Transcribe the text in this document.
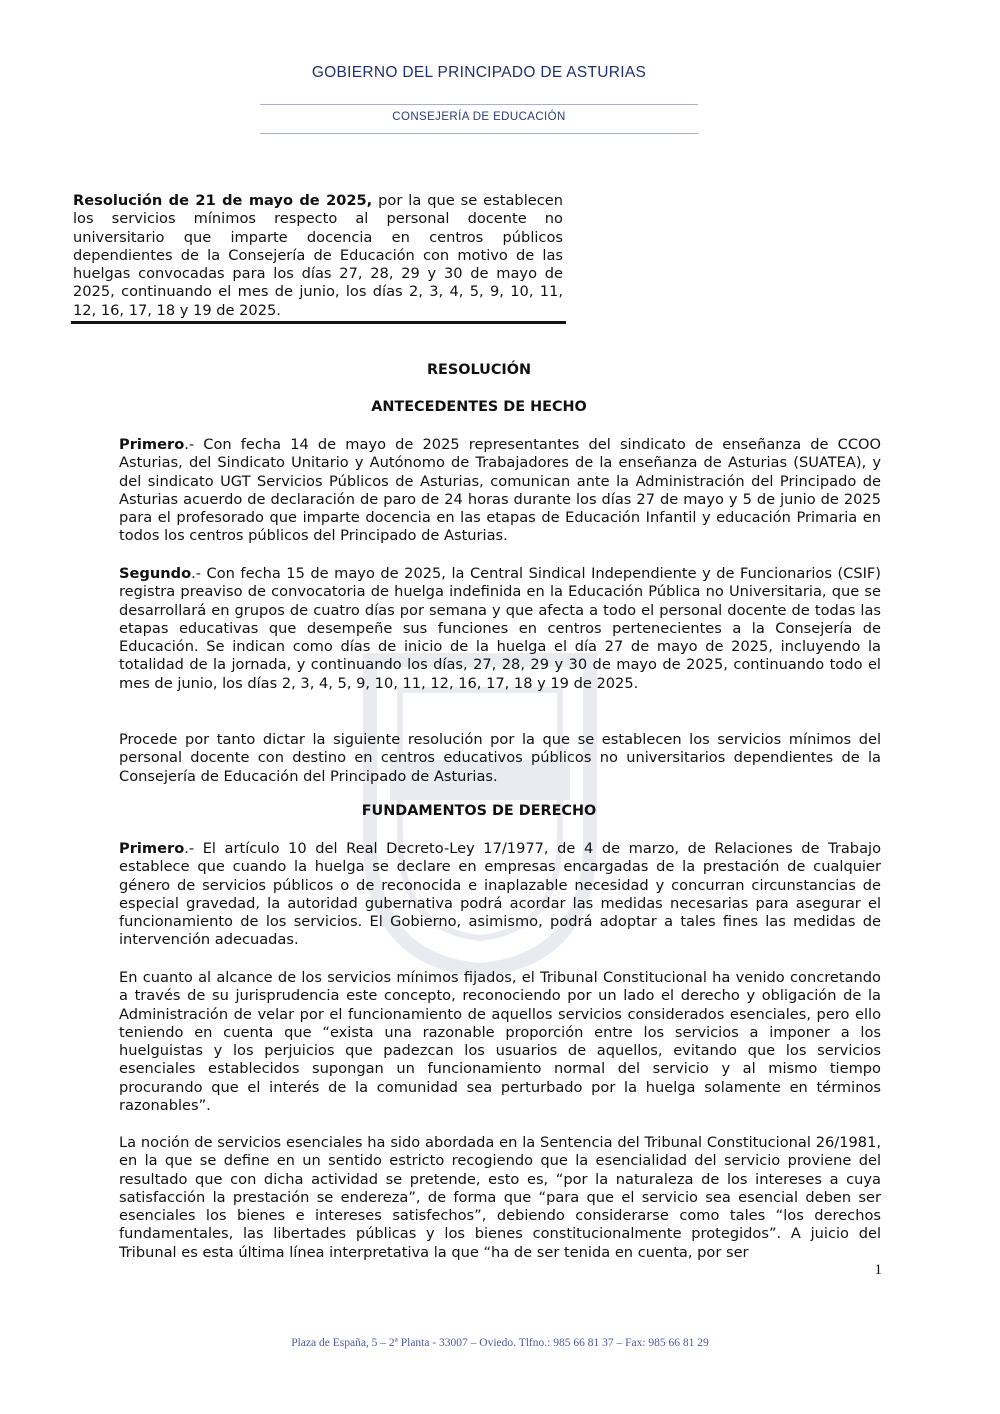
GOBIERNO DEL PRINCIPADO DE ASTURIAS
CONSEJERÍA DE EDUCACIÓN
Resolución de 21 de mayo de 2025, por la que se establecen los servicios mínimos respecto al personal docente no universitario que imparte docencia en centros públicos dependientes de la Consejería de Educación con motivo de las huelgas convocadas para los días 27, 28, 29 y 30 de mayo de 2025, continuando el mes de junio, los días 2, 3, 4, 5, 9, 10, 11, 12, 16, 17, 18 y 19 de 2025.
RESOLUCIÓN
ANTECEDENTES DE HECHO
Primero.- Con fecha 14 de mayo de 2025 representantes del sindicato de enseñanza de CCOO Asturias, del Sindicato Unitario y Autónomo de Trabajadores de la enseñanza de Asturias (SUATEA), y del sindicato UGT Servicios Públicos de Asturias, comunican ante la Administración del Principado de Asturias acuerdo de declaración de paro de 24 horas durante los días 27 de mayo y 5 de junio de 2025 para el profesorado que imparte docencia en las etapas de Educación Infantil y educación Primaria en todos los centros públicos del Principado de Asturias.
Segundo.- Con fecha 15 de mayo de 2025, la Central Sindical Independiente y de Funcionarios (CSIF) registra preaviso de convocatoria de huelga indefinida en la Educación Pública no Universitaria, que se desarrollará en grupos de cuatro días por semana y que afecta a todo el personal docente de todas las etapas educativas que desempeñe sus funciones en centros pertenecientes a la Consejería de Educación. Se indican como días de inicio de la huelga el día 27 de mayo de 2025, incluyendo la totalidad de la jornada, y continuando los días, 27, 28, 29 y 30 de mayo de 2025, continuando todo el mes de junio, los días 2, 3, 4, 5, 9, 10, 11, 12, 16, 17, 18 y 19 de 2025.
Procede por tanto dictar la siguiente resolución por la que se establecen los servicios mínimos del personal docente con destino en centros educativos públicos no universitarios dependientes de la Consejería de Educación del Principado de Asturias.
FUNDAMENTOS DE DERECHO
Primero.- El artículo 10 del Real Decreto-Ley 17/1977, de 4 de marzo, de Relaciones de Trabajo establece que cuando la huelga se declare en empresas encargadas de la prestación de cualquier género de servicios públicos o de reconocida e inaplazable necesidad y concurran circunstancias de especial gravedad, la autoridad gubernativa podrá acordar las medidas necesarias para asegurar el funcionamiento de los servicios. El Gobierno, asimismo, podrá adoptar a tales fines las medidas de intervención adecuadas.
En cuanto al alcance de los servicios mínimos fijados, el Tribunal Constitucional ha venido concretando a través de su jurisprudencia este concepto, reconociendo por un lado el derecho y obligación de la Administración de velar por el funcionamiento de aquellos servicios considerados esenciales, pero ello teniendo en cuenta que “exista una razonable proporción entre los servicios a imponer a los huelguistas y los perjuicios que padezcan los usuarios de aquellos, evitando que los servicios esenciales establecidos supongan un funcionamiento normal del servicio y al mismo tiempo procurando que el interés de la comunidad sea perturbado por la huelga solamente en términos razonables”.
La noción de servicios esenciales ha sido abordada en la Sentencia del Tribunal Constitucional 26/1981, en la que se define en un sentido estricto recogiendo que la esencialidad del servicio proviene del resultado que con dicha actividad se pretende, esto es, “por la naturaleza de los intereses a cuya satisfacción la prestación se endereza”, de forma que “para que el servicio sea esencial deben ser esenciales los bienes e intereses satisfechos”, debiendo considerarse como tales “los derechos fundamentales, las libertades públicas y los bienes constitucionalmente protegidos”. A juicio del Tribunal es esta última línea interpretativa la que “ha de ser tenida en cuenta, por ser
1
Plaza de España, 5 – 2ª Planta - 33007 – Oviedo. Tlfno.: 985 66 81 37 – Fax: 985 66 81 29
